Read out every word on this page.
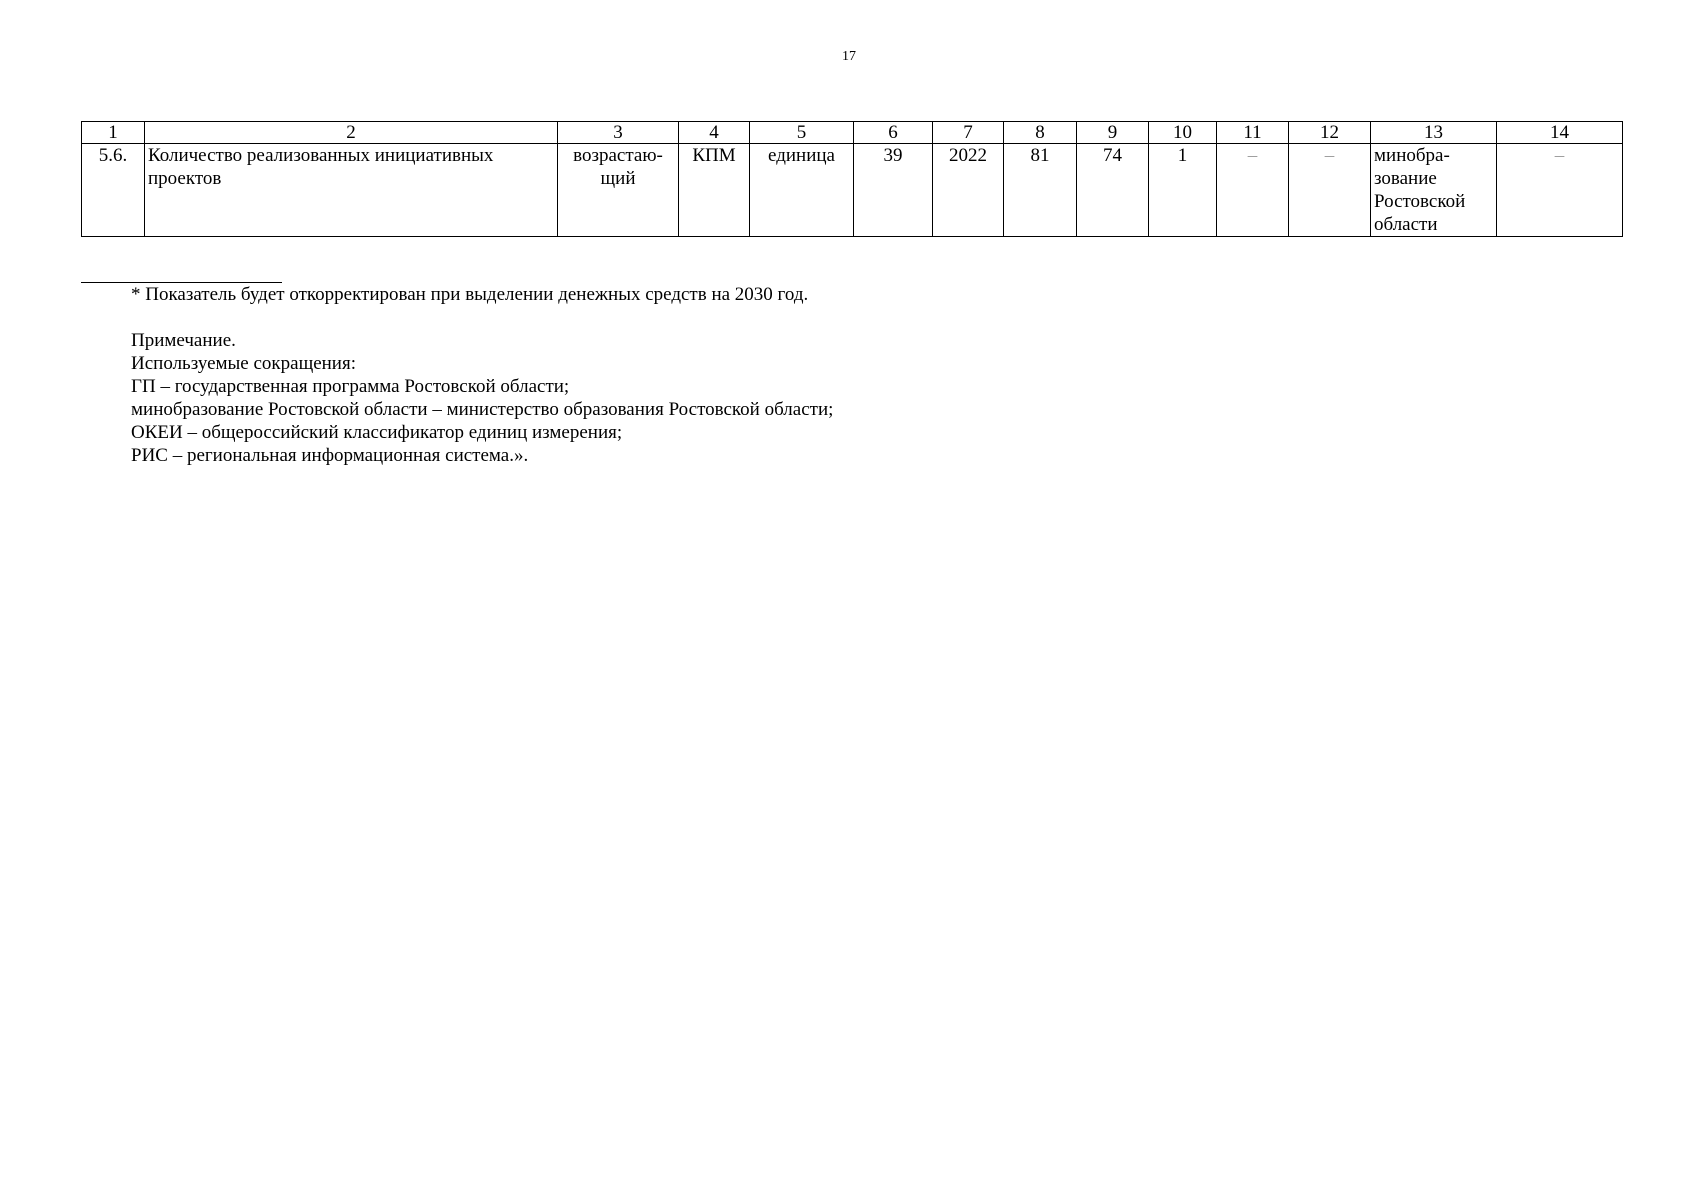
17
1	2	3	4	5	6	7	8	9	10	11	12	13	14
5.6.	Количество реализованных инициативных проектов	возрастаю-щий	КПМ	единица	39	2022	81	74	1	–	–	минобра-зование Ростовской области	–
* Показатель будет откорректирован при выделении денежных средств на 2030 год.
Примечание.
Используемые сокращения:
ГП – государственная программа Ростовской области;
минобразование Ростовской области – министерство образования Ростовской области;
ОКЕИ – общероссийский классификатор единиц измерения;
РИС – региональная информационная система.».
